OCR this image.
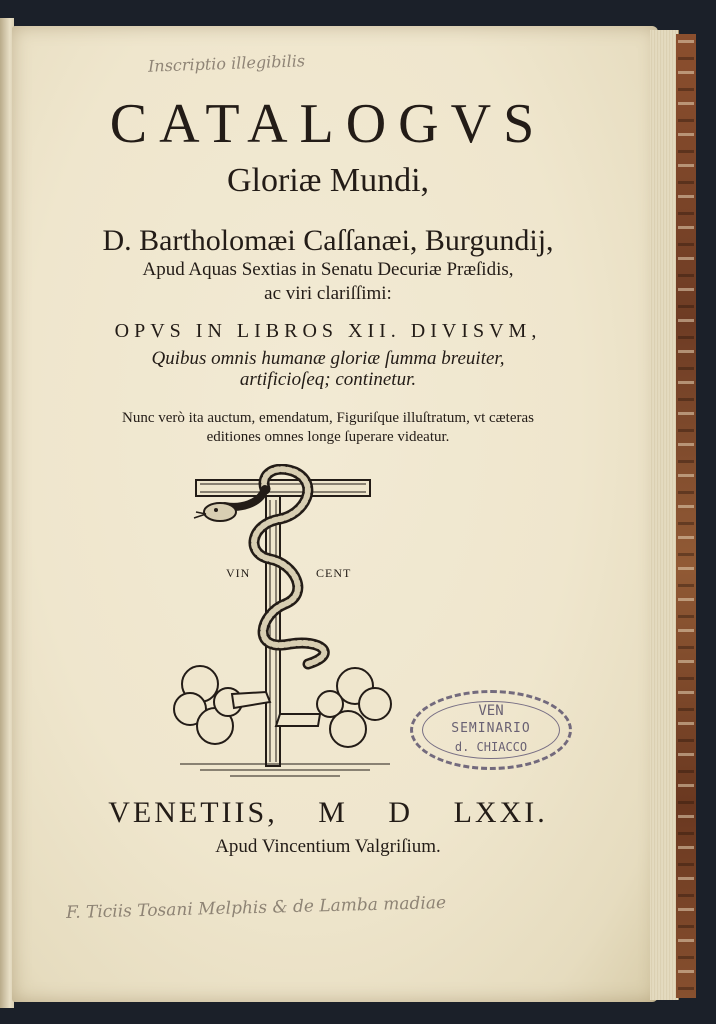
Inscriptio illegibilis
CATALOGVS
Gloriæ Mundi,
D. Bartholomæi Caſſanæi, Burgundij,
Apud Aquas Sextias in Senatu Decuriæ Præſidis,
ac viri clariſſimi:
OPVS IN LIBROS XII. DIVISVM,
Quibus omnis humanæ gloriæ ſumma breuiter,
artificioſeq; continetur.
Nunc verò ita auctum, emendatum, Figuriſque illuſtratum, vt cæteras
editiones omnes longe ſuperare videatur.
VIN	CENT
VEN
SEMINARIO
d. CHIACCO
VENETIIS, M D LXXI.
Apud Vincentium Valgriſium.
F. Ticiis Tosani Melphis & de Lamba madiae
